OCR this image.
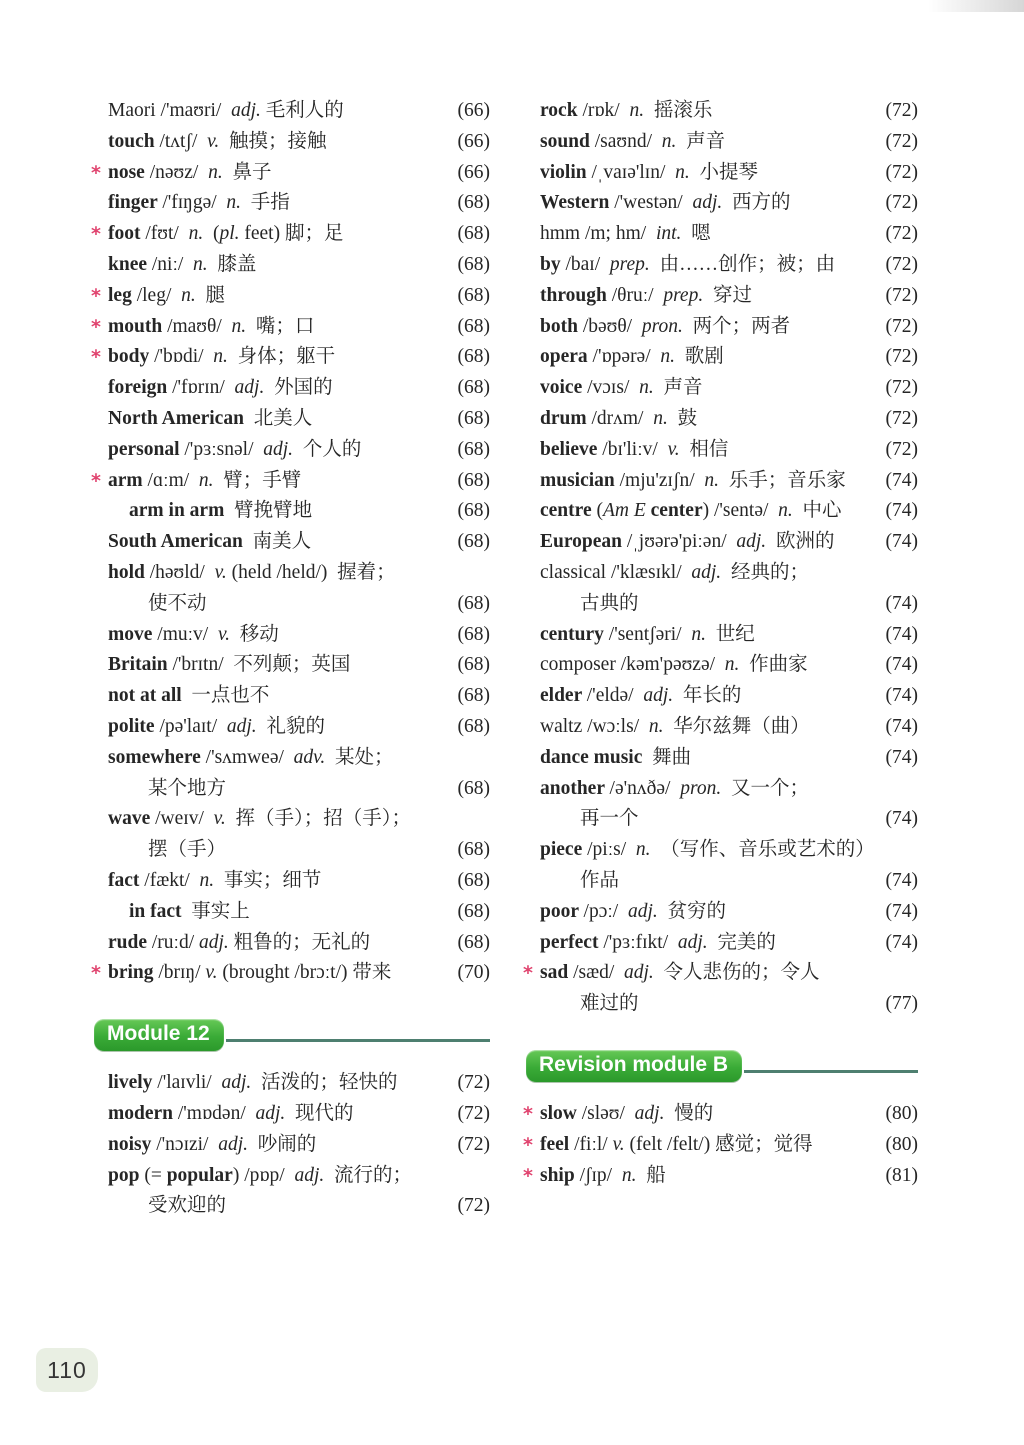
Maori /'maʊri/  adj. 毛利人的	(66)
touch /tʌtʃ/  v.  触摸；接触	(66)
* nose /nəʊz/  n.  鼻子	(66)
finger /'fɪŋgə/  n.  手指	(68)
* foot /fʊt/  n.  (pl. feet) 脚；足	(68)
knee /niː/  n.  膝盖	(68)
* leg /leg/  n.  腿	(68)
* mouth /maʊθ/  n.  嘴；口	(68)
* body /'bɒdi/  n.  身体；躯干	(68)
foreign /'fɒrɪn/  adj.  外国的	(68)
North American  北美人	(68)
personal /'pɜːsnəl/  adj.  个人的	(68)
* arm /ɑːm/  n.  臂；手臂	(68)
arm in arm  臂挽臂地	(68)
South American  南美人	(68)
hold /həʊld/  v. (held /held/)  握着；
使不动	(68)
move /muːv/  v.  移动	(68)
Britain /'brɪtn/  不列颠；英国	(68)
not at all  一点也不	(68)
polite /pə'laɪt/  adj.  礼貌的	(68)
somewhere /'sʌmweə/  adv.  某处；
某个地方	(68)
wave /weɪv/  v.  挥（手）；招（手）；
摆（手）	(68)
fact /fækt/  n.  事实；细节	(68)
in fact  事实上	(68)
rude /ruːd/ adj. 粗鲁的；无礼的	(68)
* bring /brɪŋ/ v. (brought /brɔːt/) 带来	(70)
Module 12
lively /'laɪvli/  adj.  活泼的；轻快的	(72)
modern /'mɒdən/  adj.  现代的	(72)
noisy /'nɔɪzi/  adj.  吵闹的	(72)
pop (= popular) /pɒp/  adj.  流行的；
受欢迎的	(72)
rock /rɒk/  n.  摇滚乐	(72)
sound /saʊnd/  n.  声音	(72)
violin /ˌvaɪə'lɪn/  n.  小提琴	(72)
Western /'westən/  adj.  西方的	(72)
hmm /m; hm/  int.  嗯	(72)
by /baɪ/  prep.  由……创作；被；由	(72)
through /θruː/  prep.  穿过	(72)
both /bəʊθ/  pron.  两个；两者	(72)
opera /'ɒpərə/  n.  歌剧	(72)
voice /vɔɪs/  n.  声音	(72)
drum /drʌm/  n.  鼓	(72)
believe /bɪ'liːv/  v.  相信	(72)
musician /mju'zɪʃn/  n.  乐手；音乐家	(74)
centre (Am E center) /'sentə/  n.  中心	(74)
European /ˌjʊərə'piːən/  adj.  欧洲的	(74)
classical /'klæsɪkl/  adj.  经典的；
古典的	(74)
century /'sentʃəri/  n.  世纪	(74)
composer /kəm'pəʊzə/  n.  作曲家	(74)
elder /'eldə/  adj.  年长的	(74)
waltz /wɔːls/  n.  华尔兹舞（曲）	(74)
dance music  舞曲	(74)
another /ə'nʌðə/  pron.  又一个；
再一个	(74)
piece /piːs/  n.  （写作、音乐或艺术的）
作品	(74)
poor /pɔː/  adj.  贫穷的	(74)
perfect /'pɜːfɪkt/  adj.  完美的	(74)
* sad /sæd/  adj.  令人悲伤的；令人
难过的	(77)
Revision module B
* slow /sləʊ/  adj.  慢的	(80)
* feel /fiːl/ v. (felt /felt/) 感觉；觉得	(80)
* ship /ʃɪp/  n.  船	(81)
110
